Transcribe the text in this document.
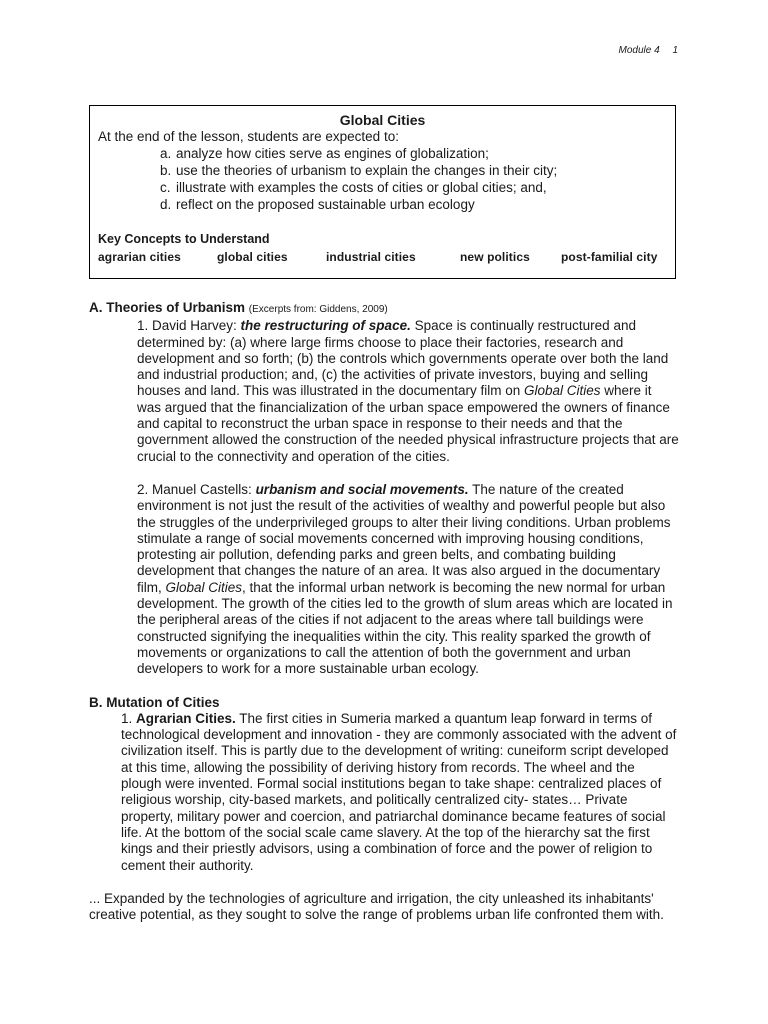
Module 4 1
Global Cities
At the end of the lesson, students are expected to:
a. analyze how cities serve as engines of globalization;
b. use the theories of urbanism to explain the changes in their city;
c. illustrate with examples the costs of cities or global cities; and,
d. reflect on the proposed sustainable urban ecology
Key Concepts to Understand
agrarian cities	global cities	industrial cities	new politics	post-familial city

A. Theories of Urbanism (Excerpts from: Giddens, 2009)

1. David Harvey: the restructuring of space. Space is continually restructured and determined by: (a) where large firms choose to place their factories, research and development and so forth; (b) the controls which governments operate over both the land and industrial production; and, (c) the activities of private investors, buying and selling houses and land. This was illustrated in the documentary film on Global Cities where it was argued that the financialization of the urban space empowered the owners of finance and capital to reconstruct the urban space in response to their needs and that the government allowed the construction of the needed physical infrastructure projects that are crucial to the connectivity and operation of the cities.

2. Manuel Castells: urbanism and social movements. The nature of the created environment is not just the result of the activities of wealthy and powerful people but also the struggles of the underprivileged groups to alter their living conditions. Urban problems stimulate a range of social movements concerned with improving housing conditions, protesting air pollution, defending parks and green belts, and combating building development that changes the nature of an area. It was also argued in the documentary film, Global Cities, that the informal urban network is becoming the new normal for urban development. The growth of the cities led to the growth of slum areas which are located in the peripheral areas of the cities if not adjacent to the areas where tall buildings were constructed signifying the inequalities within the city. This reality sparked the growth of movements or organizations to call the attention of both the government and urban developers to work for a more sustainable urban ecology.

B. Mutation of Cities

1. Agrarian Cities. The first cities in Sumeria marked a quantum leap forward in terms of technological development and innovation - they are commonly associated with the advent of civilization itself. This is partly due to the development of writing: cuneiform script developed at this time, allowing the possibility of deriving history from records. The wheel and the plough were invented. Formal social institutions began to take shape: centralized places of religious worship, city-based markets, and politically centralized city- states… Private property, military power and coercion, and patriarchal dominance became features of social life. At the bottom of the social scale came slavery. At the top of the hierarchy sat the first kings and their priestly advisors, using a combination of force and the power of religion to cement their authority.

... Expanded by the technologies of agriculture and irrigation, the city unleashed its inhabitants' creative potential, as they sought to solve the range of problems urban life confronted them with.
